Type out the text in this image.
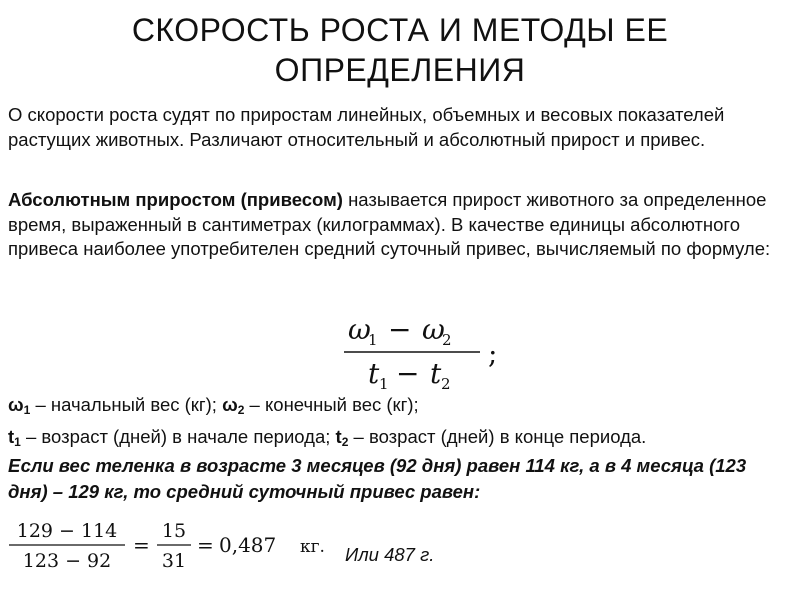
СКОРОСТЬ РОСТА И МЕТОДЫ ЕЕ
ОПРЕДЕЛЕНИЯ
О скорости роста судят по приростам линейных, объемных и весовых показателей растущих животных. Различают относительный и абсолютный прирост и привес.
Абсолютным приростом (привесом) называется прирост животного за определенное время, выраженный в сантиметрах (килограммах). В качестве единицы абсолютного привеса наиболее употребителен средний суточный привес, вычисляемый по формуле:
ω
1 − ω
2
t 1 − t 2
;
$\omega_1$ – начальный вес (кг); $\omega_2$ – конечный вес (кг);
$t_1$ – возраст (дней) в начале периода; $t_2$ – возраст (дней) в конце периода.
Если вес теленка в возрасте 3 месяцев (92 дня) равен 114 кг, а в 4 месяца (123 дня) – 129 кг, то средний суточный привес равен:
129 − 114
123 − 92
=
15
31
= 0,487 кг. Или 487 г.
